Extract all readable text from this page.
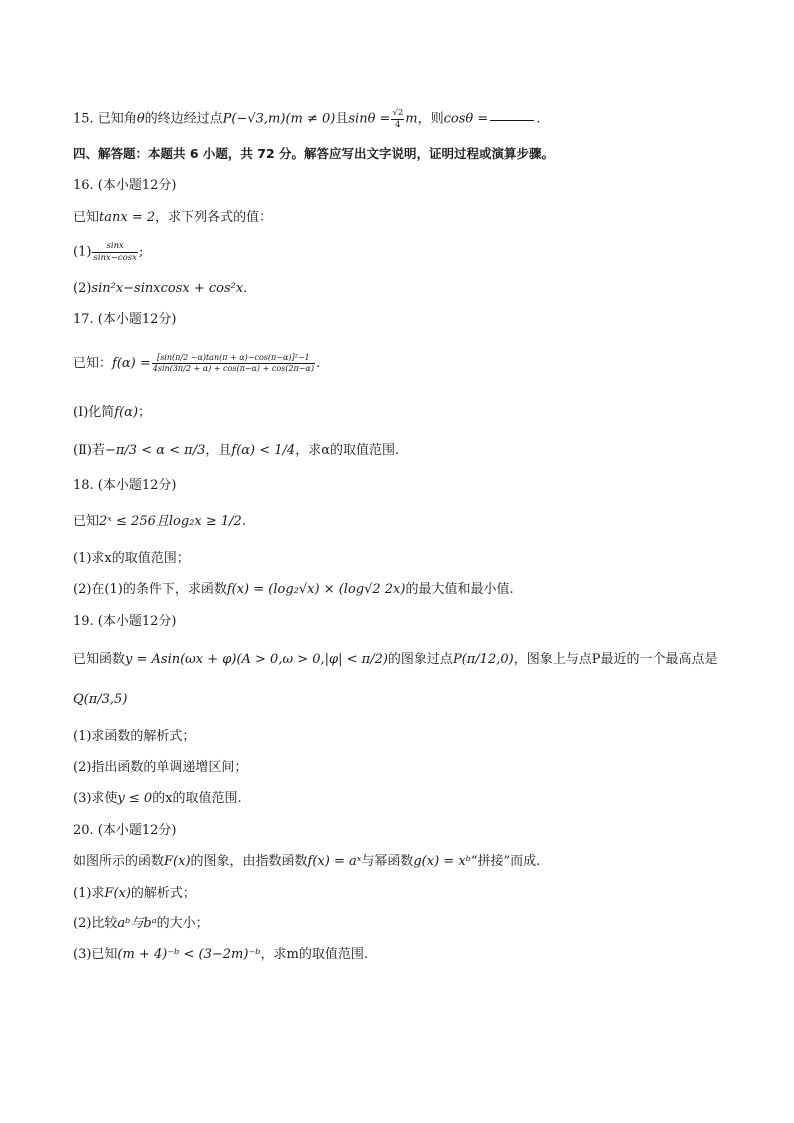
15. 已知角θ的终边经过点P(−√3,m)(m ≠ 0)且$\sin\theta = \frac{√2}{4}$ m，则cosθ =	.
四、解答题：本题共 6 小题，共 72 分。解答应写出文字说明，证明过程或演算步骤。
16. (本小题12分)
已知tanx = 2，求下列各式的值：
$(1) \frac{\sin x}{\sin x-\cos x}$ ;
(2)sin²x−sinxcosx + cos²x.
17. (本小题12分)
已知：$f(\alpha) = \frac{\text{[sin(π/2 −α)tan(π + α)−cos(π−α)]²−1}}{4\sin(3\pi/2 + \alpha) + \cos(\pi-\alpha) + \cos(2\pi-\alpha)}$ .
(Ⅰ)化简f(α)；
(Ⅱ)若−π/3 < α < π/3，且f(α) < 1/4，求α的取值范围.
18. (本小题12分)
已知2ˣ ≤ 256且log₂x ≥ 1/2.
(1)求x的取值范围；
(2)在(1)的条件下，求函数f(x) = (log₂√x) × (log√2 2x)的最大值和最小值.
19. (本小题12分)
已知函数y = Asin(ωx + φ)(A > 0,ω > 0,|φ| < π/2)的图象过点P(π/12,0)，图象上与点P最近的一个最高点是
Q(π/3,5)
(1)求函数的解析式；
(2)指出函数的单调递增区间；
(3)求使y ≤ 0的x的取值范围.
20. (本小题12分)
如图所示的函数F(x)的图象，由指数函数f(x) = aˣ与幂函数g(x) = xᵇ“拼接”而成.
(1)求F(x)的解析式；
(2)比较aᵇ与bᵃ的大小；
(3)已知(m + 4)⁻ᵇ < (3−2m)⁻ᵇ，求m的取值范围.
